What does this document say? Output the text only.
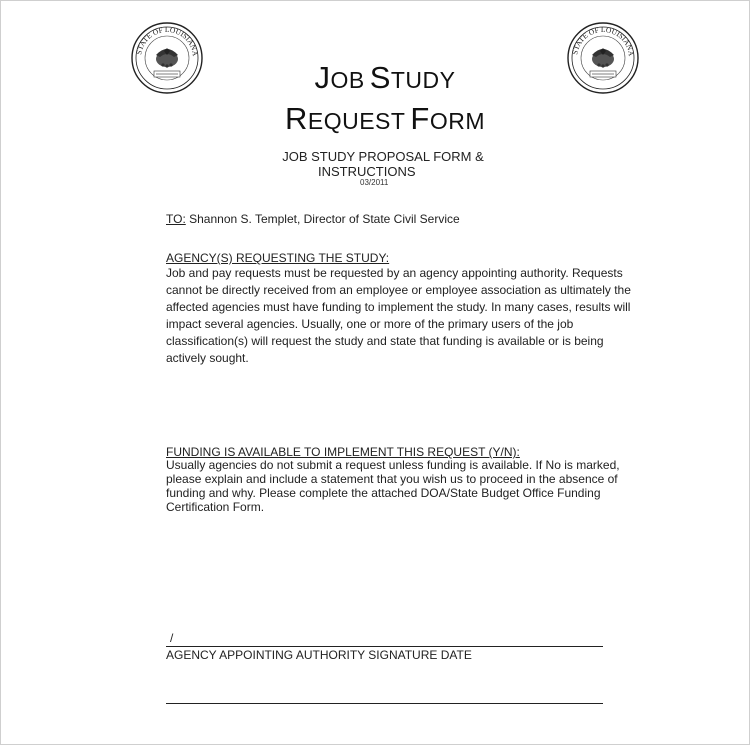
STATE OF LOUISIANA	STATE OF LOUISIANA
JOB STUDY
REQUEST FORM
JOB STUDY PROPOSAL FORM &
INSTRUCTIONS
03/2011
TO: Shannon S. Templet, Director of State Civil Service
AGENCY(S) REQUESTING THE STUDY:
Job and pay requests must be requested by an agency appointing authority. Requests cannot be directly received from an employee or employee association as ultimately the affected agencies must have funding to implement the study. In many cases, results will impact several agencies. Usually, one or more of the primary users of the job classification(s) will request the study and state that funding is available or is being actively sought.
FUNDING IS AVAILABLE TO IMPLEMENT THIS REQUEST (Y/N):
Usually agencies do not submit a request unless funding is available. If No is marked, please explain and include a statement that you wish us to proceed in the absence of funding and why. Please complete the attached DOA/State Budget Office Funding Certification Form.
/
AGENCY APPOINTING AUTHORITY SIGNATURE DATE
